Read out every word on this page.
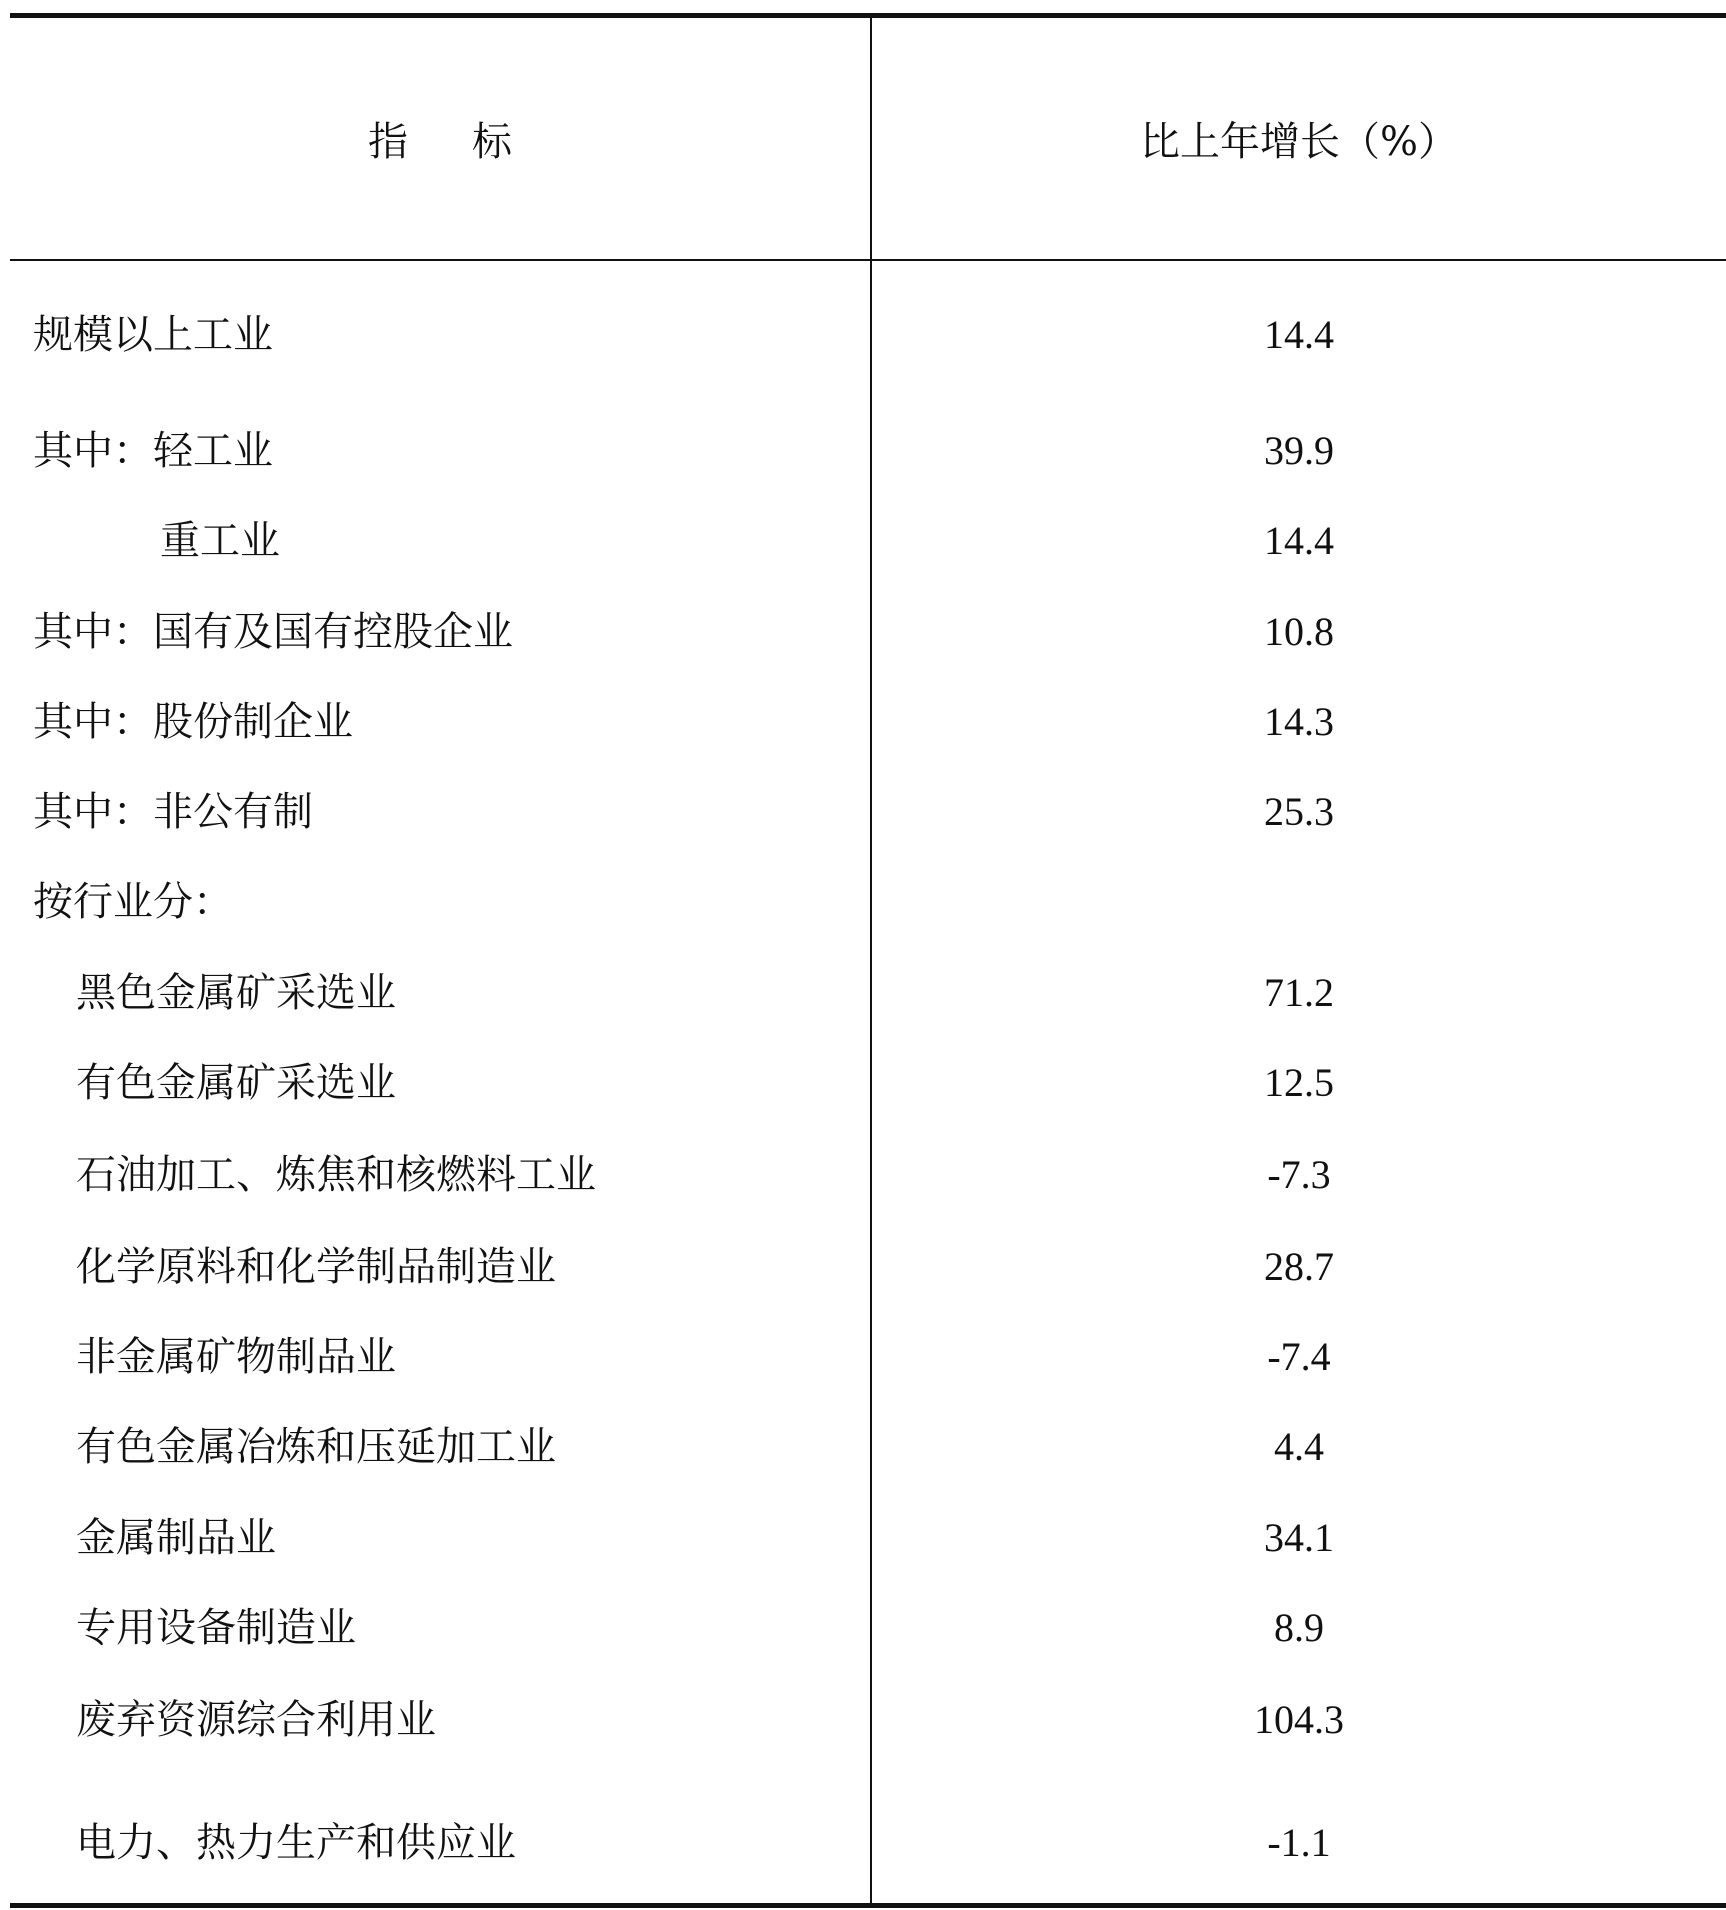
指标	比上年增长（%）
规模以上工业	14.4
其中：轻工业	39.9
重工业	14.4
其中：国有及国有控股企业	10.8
其中：股份制企业	14.3
其中：非公有制	25.3
按行业分：
黑色金属矿采选业	71.2
有色金属矿采选业	12.5
石油加工、炼焦和核燃料工业	-7.3
化学原料和化学制品制造业	28.7
非金属矿物制品业	-7.4
有色金属冶炼和压延加工业	4.4
金属制品业	34.1
专用设备制造业	8.9
废弃资源综合利用业	104.3
电力、热力生产和供应业	-1.1
